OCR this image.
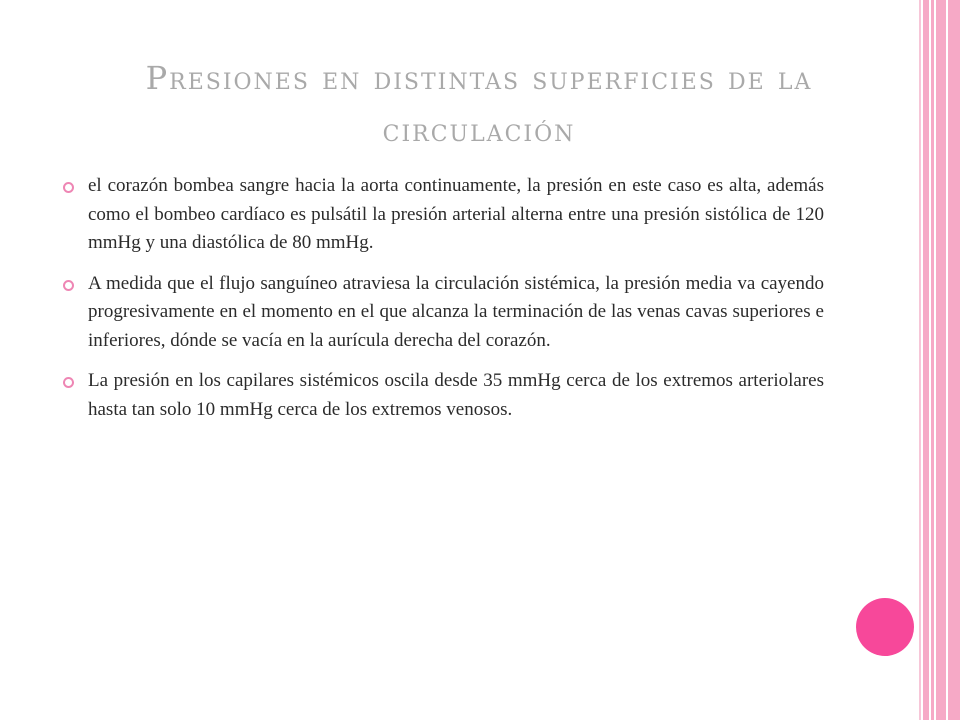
Presiones en distintas superficies de la circulación
el corazón bombea sangre hacia la aorta continuamente, la presión en este caso es alta, además como el bombeo cardíaco es pulsátil la presión arterial alterna entre una presión sistólica de 120 mmHg y una diastólica de 80 mmHg.
A medida que el flujo sanguíneo atraviesa la circulación sistémica, la presión media va cayendo progresivamente en el momento en el que alcanza la terminación de las venas cavas superiores e inferiores, dónde se vacía en la aurícula derecha del corazón.
La presión en los capilares sistémicos oscila desde 35 mmHg cerca de los extremos arteriolares hasta tan solo 10 mmHg cerca de los extremos venosos.
